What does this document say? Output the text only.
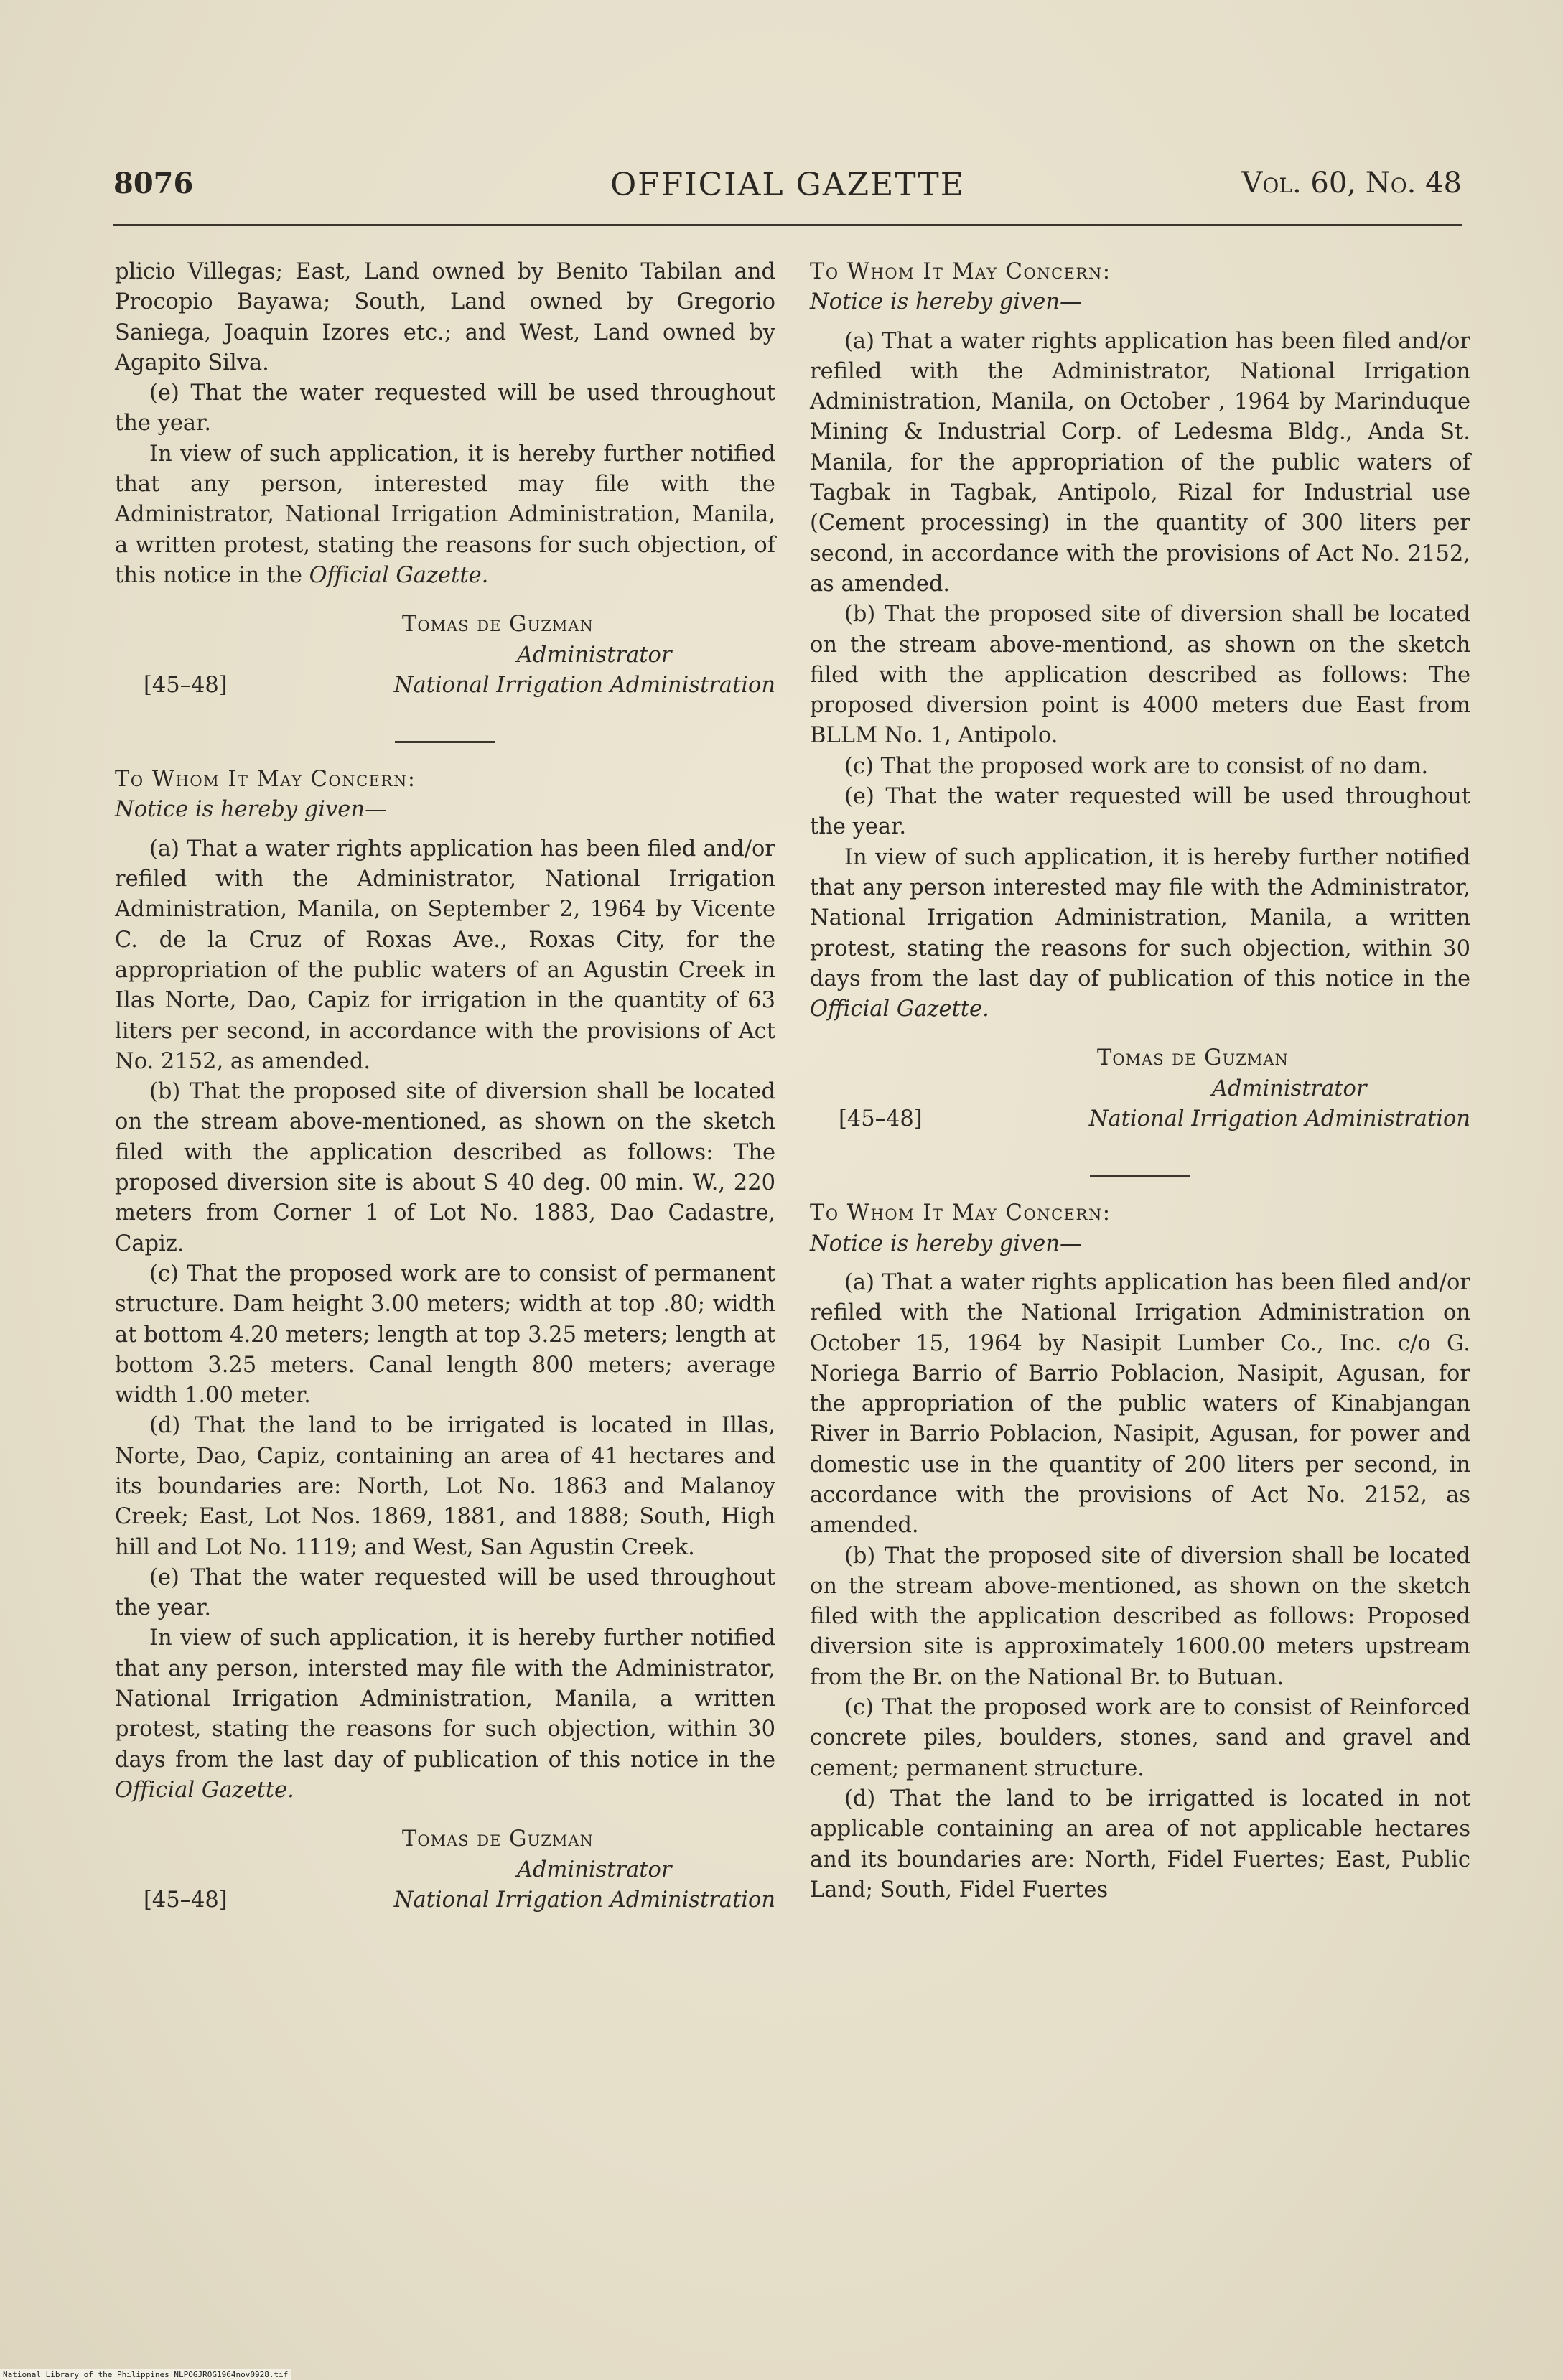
8076	OFFICIAL GAZETTE	Vol. 60, No. 48

plicio Villegas; East, Land owned by Benito Tabilan and Procopio Bayawa; South, Land owned by Gregorio Saniega, Joaquin Izores etc.; and West, Land owned by Agapito Silva.

(e) That the water requested will be used throughout the year.

In view of such application, it is hereby further notified that any person, interested may file with the Administrator, National Irrigation Administration, Manila, a written protest, stating the reasons for such objection, of this notice in the Official Gazette.

Tomas de Guzman

Administrator

[45–48]	National Irrigation Administration

To Whom It May Concern:

Notice is hereby given—

(a) That a water rights application has been filed and/or refiled with the Administrator, National Irrigation Administration, Manila, on September 2, 1964 by Vicente C. de la Cruz of Roxas Ave., Roxas City, for the appropriation of the public waters of an Agustin Creek in Ilas Norte, Dao, Capiz for irrigation in the quantity of 63 liters per second, in accordance with the provisions of Act No. 2152, as amended.

(b) That the proposed site of diversion shall be located on the stream above-mentioned, as shown on the sketch filed with the application described as follows: The proposed diversion site is about S 40 deg. 00 min. W., 220 meters from Corner 1 of Lot No. 1883, Dao Cadastre, Capiz.

(c) That the proposed work are to consist of permanent structure. Dam height 3.00 meters; width at top .80; width at bottom 4.20 meters; length at top 3.25 meters; length at bottom 3.25 meters. Canal length 800 meters; average width 1.00 meter.

(d) That the land to be irrigated is located in Illas, Norte, Dao, Capiz, containing an area of 41 hectares and its boundaries are: North, Lot No. 1863 and Malanoy Creek; East, Lot Nos. 1869, 1881, and 1888; South, High hill and Lot No. 1119; and West, San Agustin Creek.

(e) That the water requested will be used throughout the year.

In view of such application, it is hereby further notified that any person, intersted may file with the Administrator, National Irrigation Administration, Manila, a written protest, stating the reasons for such objection, within 30 days from the last day of publication of this notice in the Official Gazette.

Tomas de Guzman

Administrator

[45–48]	National Irrigation Administration

To Whom It May Concern:

Notice is hereby given—

(a) That a water rights application has been filed and/or refiled with the Administrator, National Irrigation Administration, Manila, on October , 1964 by Marinduque Mining & Industrial Corp. of Ledesma Bldg., Anda St. Manila, for the appropriation of the public waters of Tagbak in Tagbak, Antipolo, Rizal for Industrial use (Cement processing) in the quantity of 300 liters per second, in accordance with the provisions of Act No. 2152, as amended.

(b) That the proposed site of diversion shall be located on the stream above-mentiond, as shown on the sketch filed with the application described as follows: The proposed diversion point is 4000 meters due East from BLLM No. 1, Antipolo.

(c) That the proposed work are to consist of no dam.

(e) That the water requested will be used throughout the year.

In view of such application, it is hereby further notified that any person interested may file with the Administrator, National Irrigation Administration, Manila, a written protest, stating the reasons for such objection, within 30 days from the last day of publication of this notice in the Official Gazette.

Tomas de Guzman

Administrator

[45–48]	National Irrigation Administration

To Whom It May Concern:

Notice is hereby given—

(a) That a water rights application has been filed and/or refiled with the National Irrigation Administration on October 15, 1964 by Nasipit Lumber Co., Inc. c/o G. Noriega Barrio of Barrio Poblacion, Nasipit, Agusan, for the appropriation of the public waters of Kinabjangan River in Barrio Poblacion, Nasipit, Agusan, for power and domestic use in the quantity of 200 liters per second, in accordance with the provisions of Act No. 2152, as amended.

(b) That the proposed site of diversion shall be located on the stream above-mentioned, as shown on the sketch filed with the application described as follows: Proposed diversion site is approximately 1600.00 meters upstream from the Br. on the National Br. to Butuan.

(c) That the proposed work are to consist of Reinforced concrete piles, boulders, stones, sand and gravel and cement; permanent structure.

(d) That the land to be irrigatted is located in not applicable containing an area of not applicable hectares and its boundaries are: North, Fidel Fuertes; East, Public Land; South, Fidel Fuertes

National Library of the Philippines NLPOGJROG1964nov0928.tif
